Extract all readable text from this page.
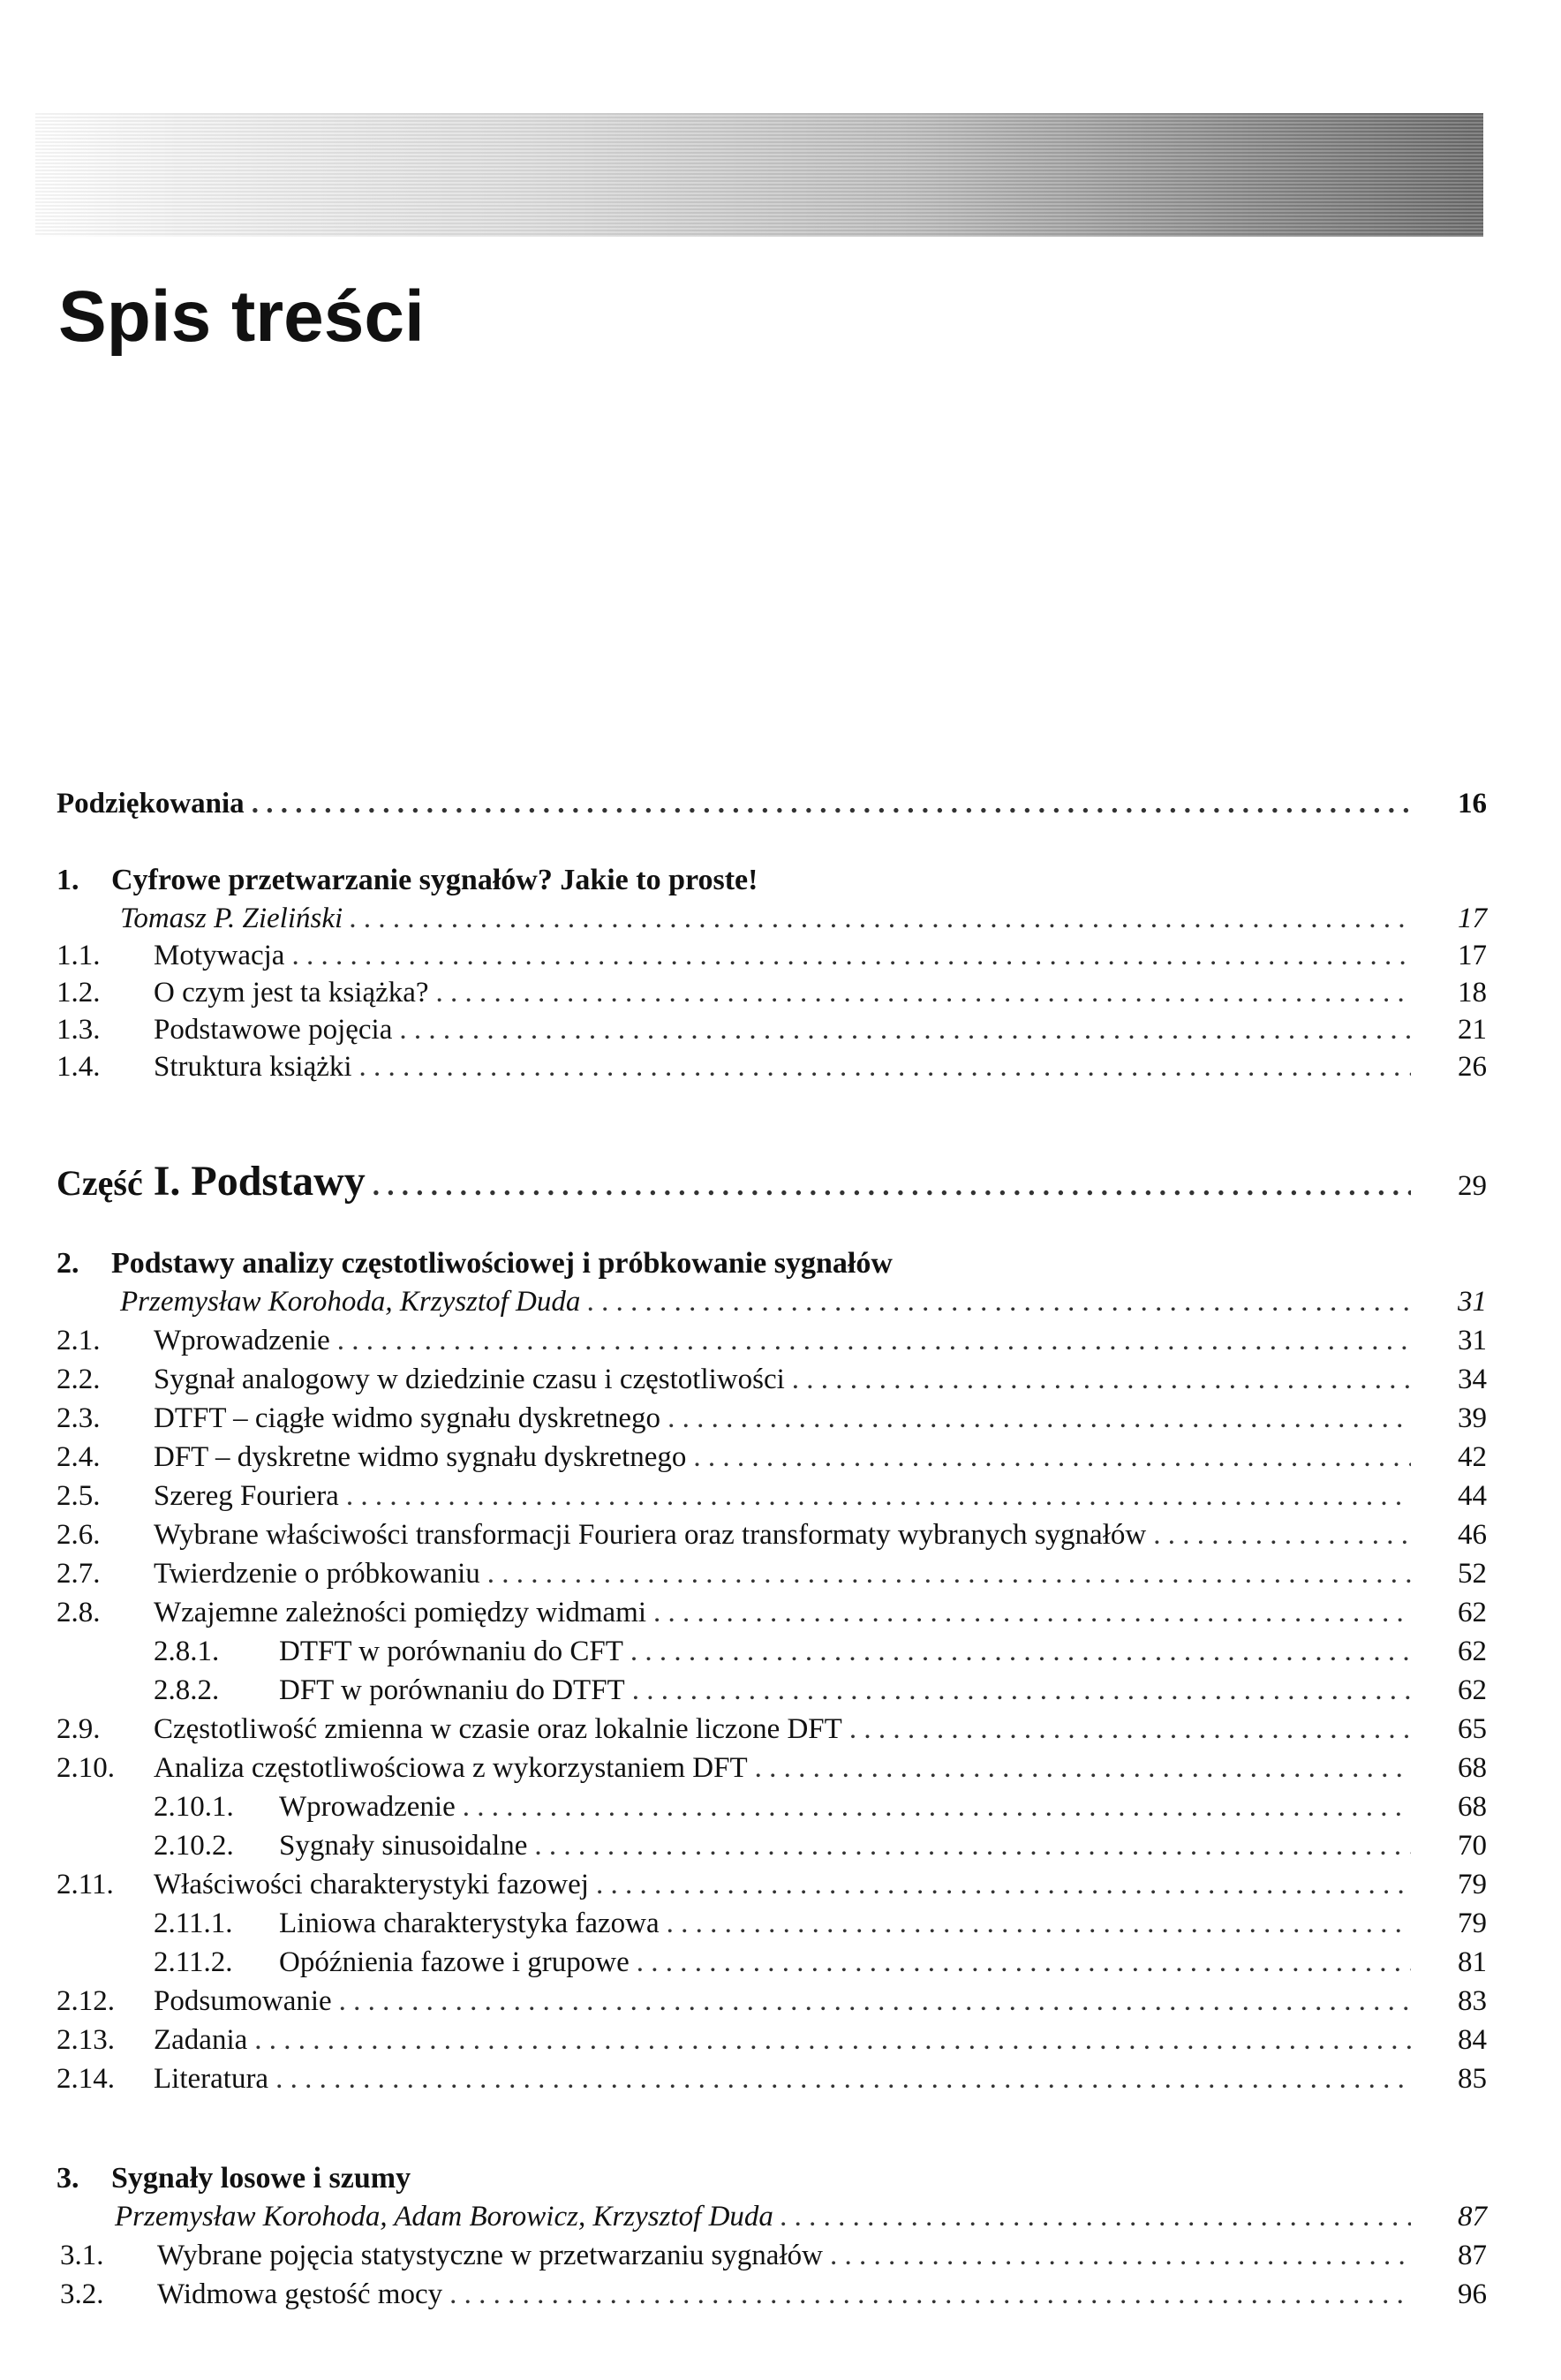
Spis treści
Podziękowania . . .	16
1.	Cyfrowe przetwarzanie sygnałów? Jakie to proste!
Tomasz P. Zieliński . . .	17
1.1.	Motywacja . . .	17
1.2.	O czym jest ta książka? . . .	18
1.3.	Podstawowe pojęcia . . .	21
1.4.	Struktura książki . . .	26
Część I. Podstawy . . .	29
2.	Podstawy analizy częstotliwościowej i próbkowanie sygnałów
Przemysław Korohoda, Krzysztof Duda . . .	31
2.1.	Wprowadzenie . . .	31
2.2.	Sygnał analogowy w dziedzinie czasu i częstotliwości . . .	34
2.3.	DTFT – ciągłe widmo sygnału dyskretnego . . .	39
2.4.	DFT – dyskretne widmo sygnału dyskretnego . . .	42
2.5.	Szereg Fouriera . . .	44
2.6.	Wybrane właściwości transformacji Fouriera oraz transformaty wybranych sygnałów . . .	46
2.7.	Twierdzenie o próbkowaniu . . .	52
2.8.	Wzajemne zależności pomiędzy widmami . . .	62
2.8.1.	DTFT w porównaniu do CFT . . .	62
2.8.2.	DFT w porównaniu do DTFT . . .	62
2.9.	Częstotliwość zmienna w czasie oraz lokalnie liczone DFT . . .	65
2.10.	Analiza częstotliwościowa z wykorzystaniem DFT . . .	68
2.10.1.	Wprowadzenie . . .	68
2.10.2.	Sygnały sinusoidalne . . .	70
2.11.	Właściwości charakterystyki fazowej . . .	79
2.11.1.	Liniowa charakterystyka fazowa . . .	79
2.11.2.	Opóźnienia fazowe i grupowe . . .	81
2.12.	Podsumowanie . . .	83
2.13.	Zadania . . .	84
2.14.	Literatura . . .	85
3.	Sygnały losowe i szumy
Przemysław Korohoda, Adam Borowicz, Krzysztof Duda . . .	87
3.1.	Wybrane pojęcia statystyczne w przetwarzaniu sygnałów . . .	87
3.2.	Widmowa gęstość mocy . . .	96
